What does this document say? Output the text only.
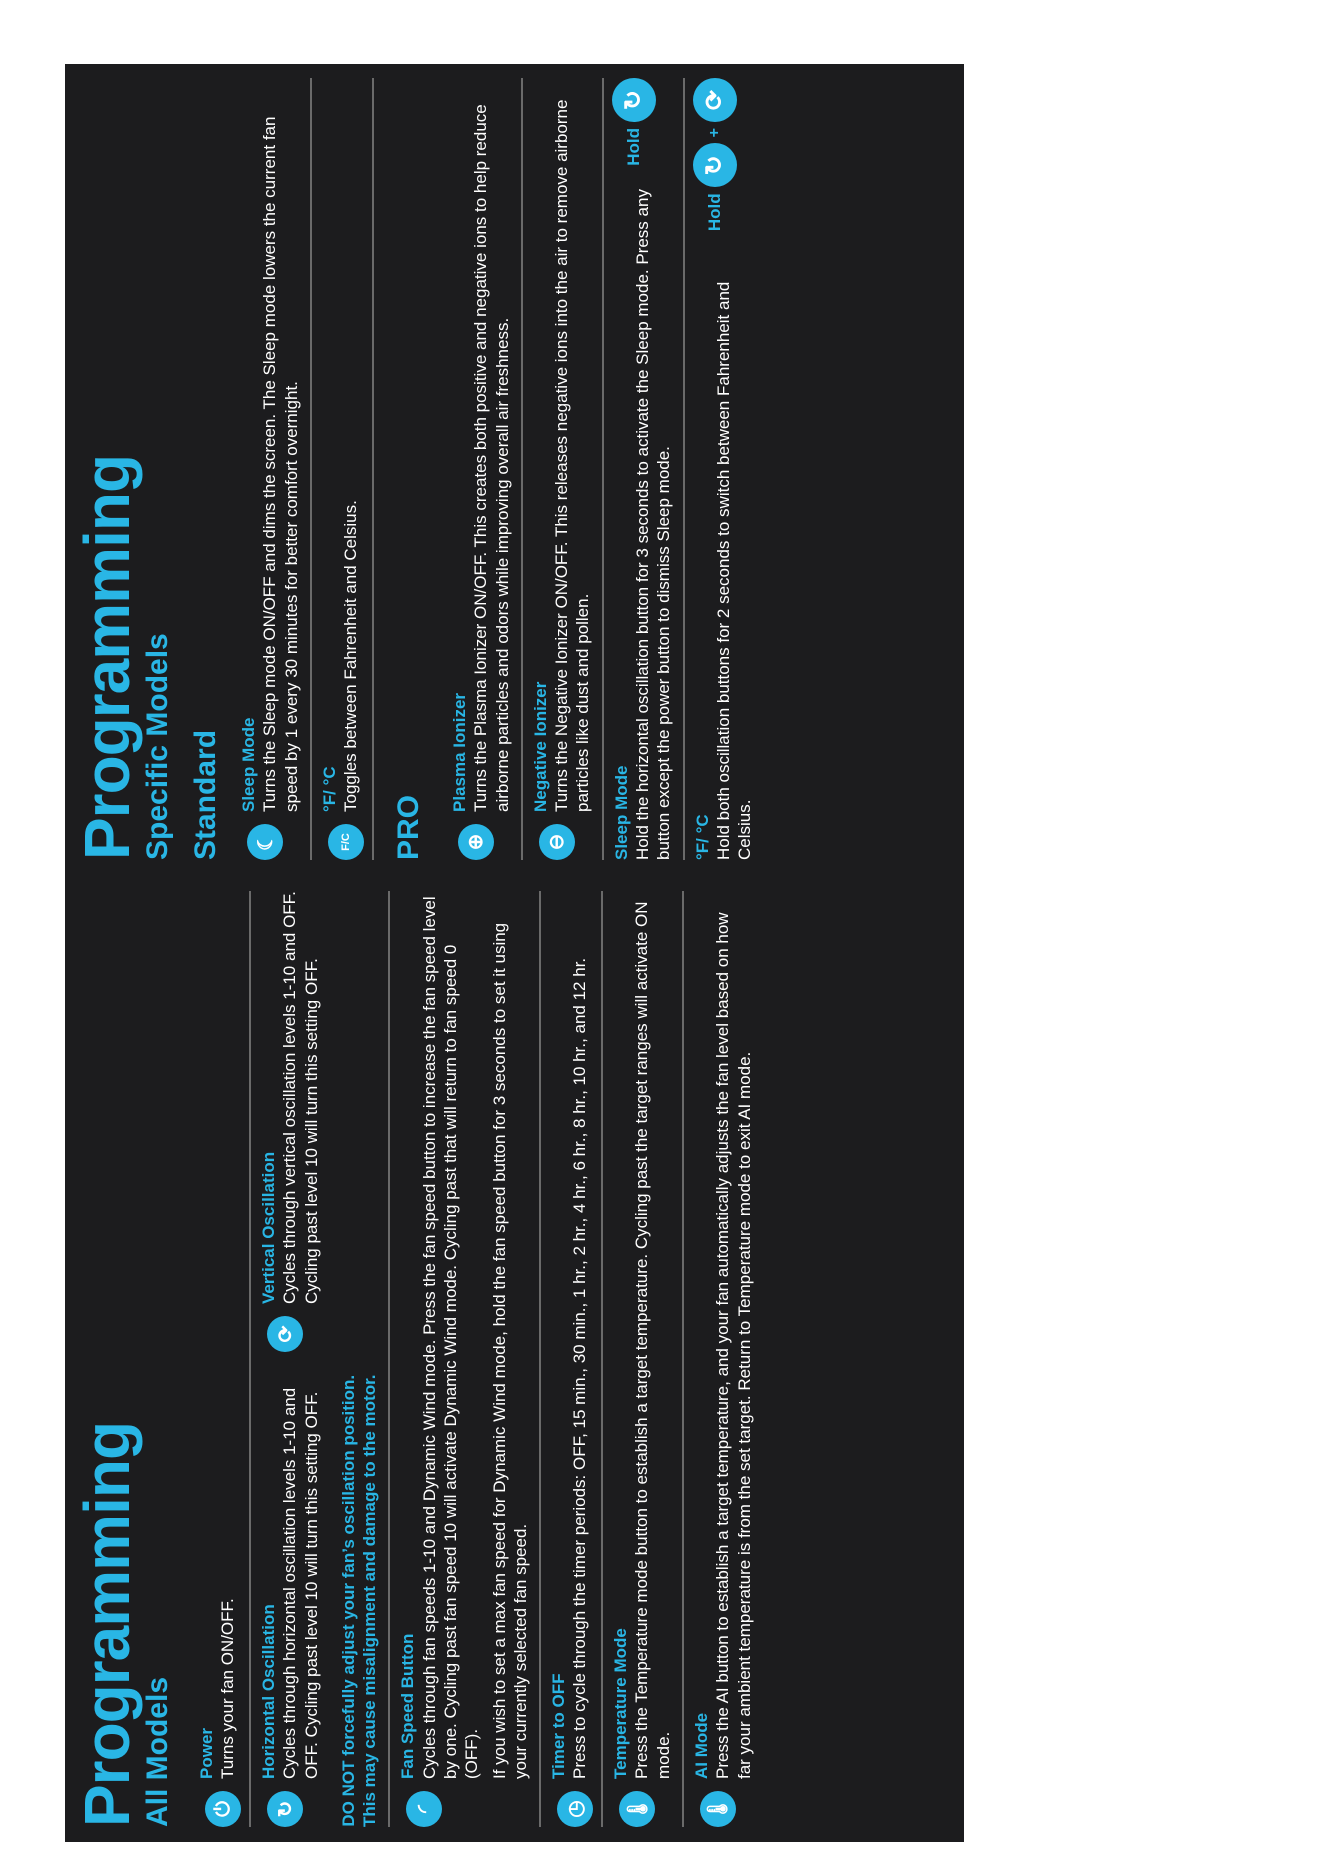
Programming
All Models	⏻
Power Turns your fan ON/OFF.
↻
Horizontal Oscillation Cycles through horizontal oscillation levels 1-10 and OFF. Cycling past level 10 will turn this setting OFF.
⟳
Vertical Oscillation Cycles through vertical oscillation levels 1-10 and OFF. Cycling past level 10 will turn this setting OFF.
DO NOT forcefully adjust your fan’s oscillation position. This may cause misalignment and damage to the motor.	◜
Fan Speed Button Cycles through fan speeds 1-10 and Dynamic Wind mode. Press the fan speed button to increase the fan speed level by one. Cycling past fan speed 10 will activate Dynamic Wind mode. Cycling past that will return to fan speed 0 (OFF). If you wish to set a max fan speed for Dynamic Wind mode, hold the fan speed button for 3 seconds to set it using your currently selected fan speed.
◷
Timer to OFF Press to cycle through the timer periods: OFF, 15 min., 30 min., 1 hr., 2 hr., 4 hr., 6 hr., 8 hr., 10 hr., and 12 hr.
🌡
Temperature Mode Press the Temperature mode button to establish a target temperature. Cycling past the target ranges will activate ON mode.
🌡
AI Mode Press the AI button to establish a target temperature, and your fan automatically adjusts the fan level based on how far your ambient temperature is from the set target. Return to Temperature mode to exit AI mode.
Programming
Specific Models Standard	☾
Sleep Mode Turns the Sleep mode ON/OFF and dims the screen. The Sleep mode lowers the current fan speed by 1 every 30 minutes for better comfort overnight.
F/C
°F/ °C Toggles between Fahrenheit and Celsius.
PRO	⊕
Plasma Ionizer Turns the Plasma Ionizer ON/OFF. This creates both positive and negative ions to help reduce airborne particles and odors while improving overall air freshness.
⊖
Negative Ionizer Turns the Negative Ionizer ON/OFF. This releases negative ions into the air to remove airborne particles like dust and pollen.
Sleep Mode Hold the horizontal oscillation button for 3 seconds to activate the Sleep mode. Press any button except the power button to dismiss Sleep mode.
Hold
↻
°F/ °C Hold both oscillation buttons for 2 seconds to switch between Fahrenheit and Celsius.
Hold
↻
+
⟳
